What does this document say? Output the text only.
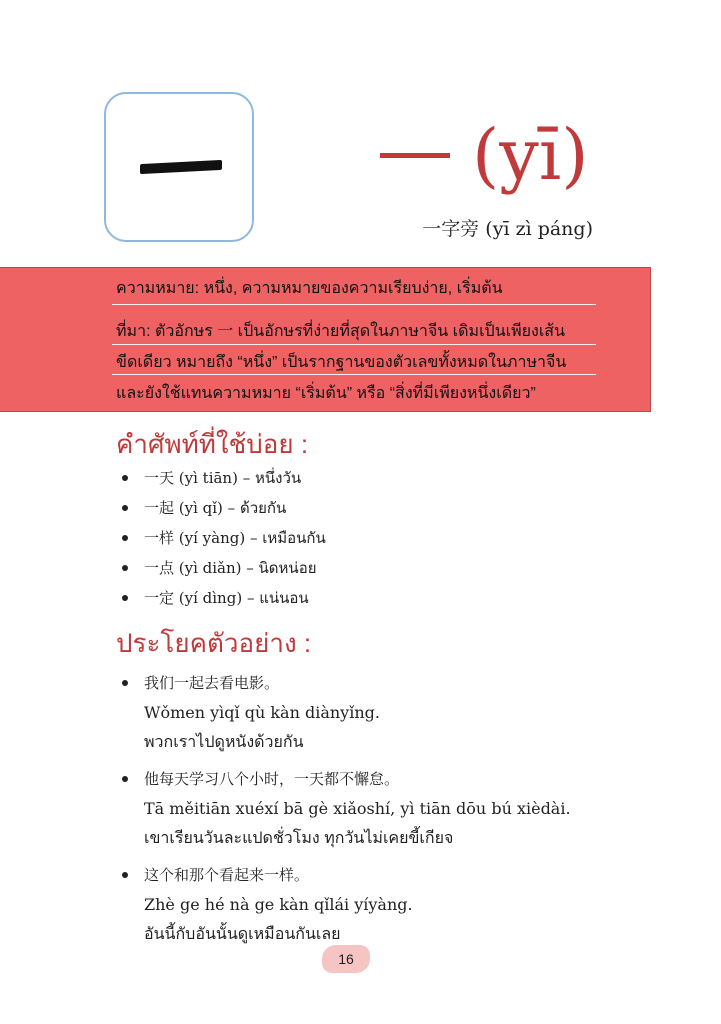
(yī)
一字旁 (yī zì páng)
ความหมาย: หนึ่ง, ความหมายของความเรียบง่าย, เริ่มต้น
ที่มา: ตัวอักษร 一 เป็นอักษรที่ง่ายที่สุดในภาษาจีน เดิมเป็นเพียงเส้น
ขีดเดียว หมายถึง “หนึ่ง” เป็นรากฐานของตัวเลขทั้งหมดในภาษาจีน
และยังใช้แทนความหมาย “เริ่มต้น” หรือ “สิ่งที่มีเพียงหนึ่งเดียว”
คำศัพท์ที่ใช้บ่อย :
一天 (yì tiān) – หนึ่งวัน
一起 (yì qǐ) – ด้วยกัน
一样 (yí yàng) – เหมือนกัน
一点 (yì diǎn) – นิดหน่อย
一定 (yí dìng) – แน่นอน
ประโยคตัวอย่าง :
我们一起去看电影。
Wǒmen yìqǐ qù kàn diànyǐng.
พวกเราไปดูหนังด้วยกัน
他每天学习八个小时，一天都不懈怠。
Tā měitiān xuéxí bā gè xiǎoshí, yì tiān dōu bú xièdài.
เขาเรียนวันละแปดชั่วโมง ทุกวันไม่เคยขี้เกียจ
这个和那个看起来一样。
Zhè ge hé nà ge kàn qǐlái yíyàng.
อันนี้กับอันนั้นดูเหมือนกันเลย
16
